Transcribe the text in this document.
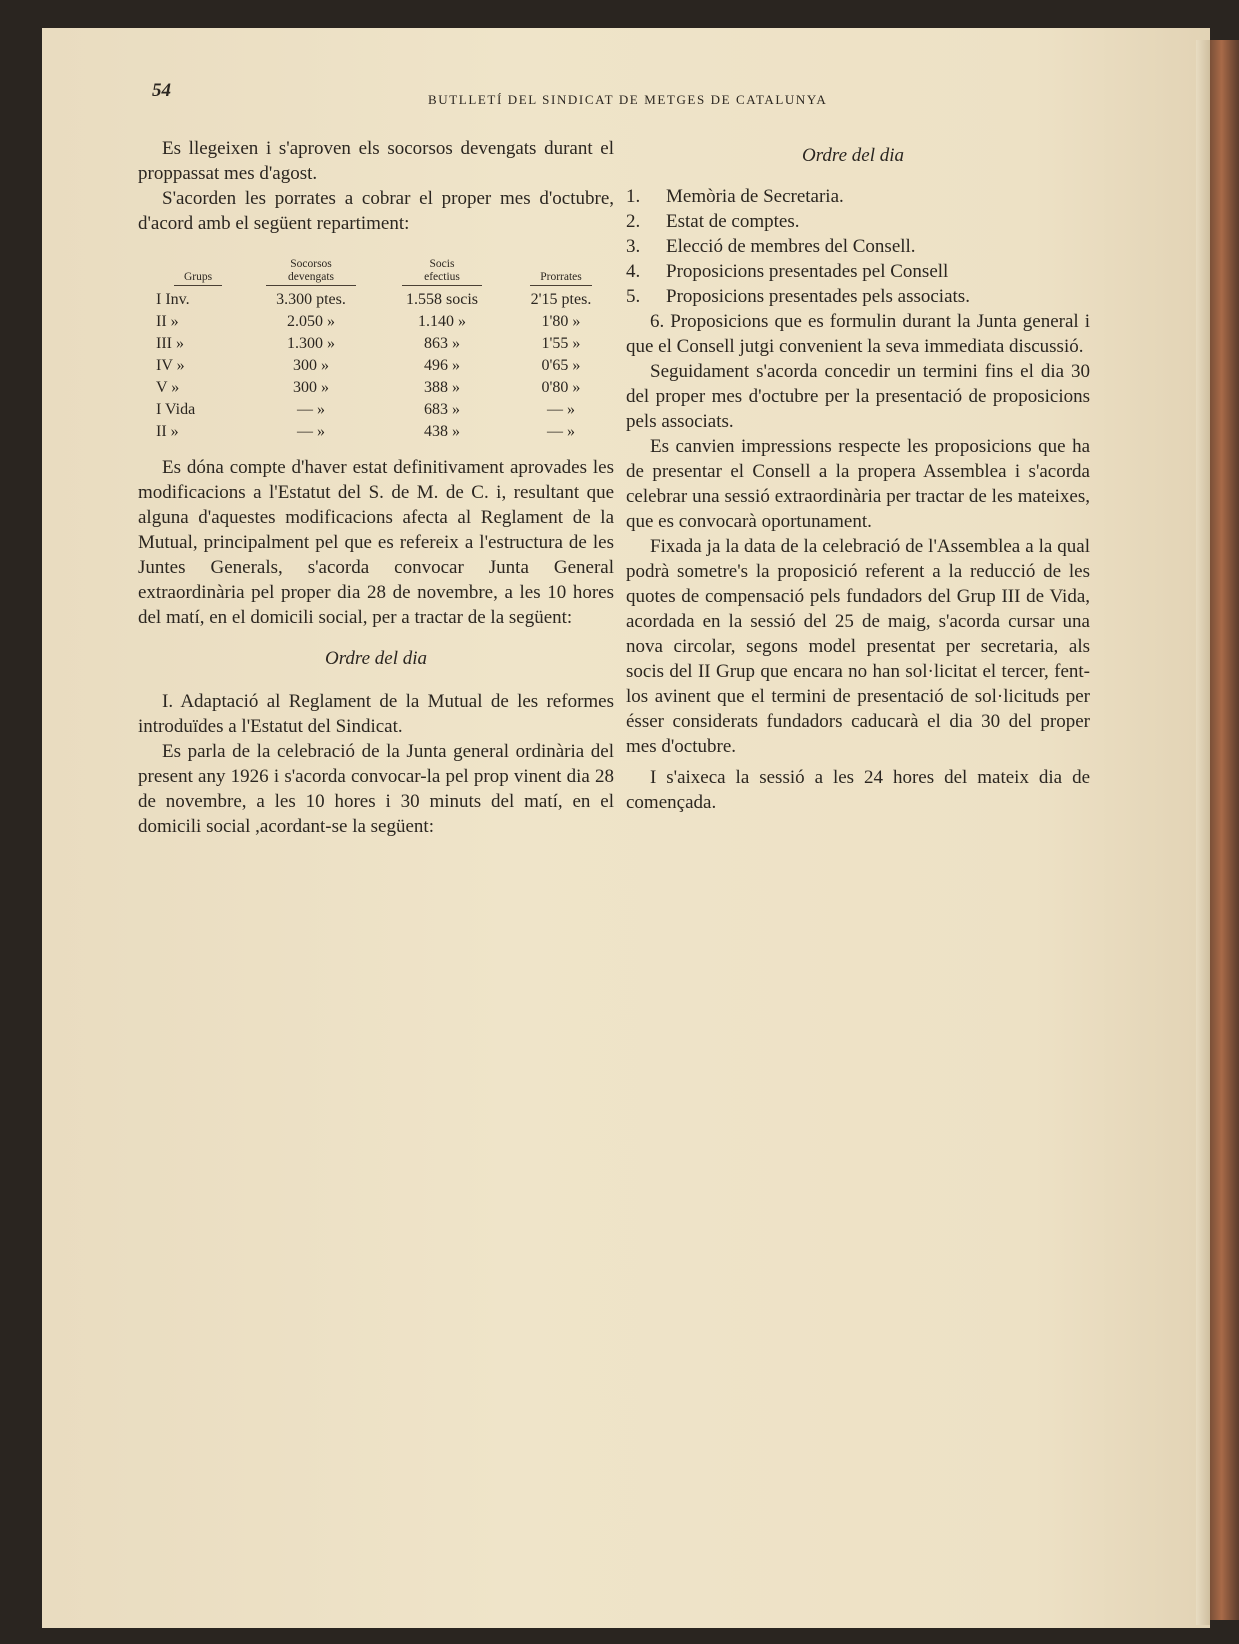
54	BUTLLETÍ DEL SINDICAT DE METGES DE CATALUNYA

Es llegeixen i s'aproven els socorsos devengats durant el proppassat mes d'agost.

S'acorden les porrates a cobrar el proper mes d'octubre, d'acord amb el següent repartiment:

Grups	Socorsos devengats	Socis efectius	Prorrates
I Inv.	3.300 ptes.	1.558 socis	2'15 ptes.
II »	2.050 »	1.140 »	1'80 »
III »	1.300 »	863 »	1'55 »
IV »	300 »	496 »	0'65 »
V »	300 »	388 »	0'80 »
I Vida	— »	683 »	— »
II »	— »	438 »	— »

Es dóna compte d'haver estat definitivament aprovades les modificacions a l'Estatut del S. de M. de C. i, resultant que alguna d'aquestes modificacions afecta al Reglament de la Mutual, principalment pel que es refereix a l'estructura de les Juntes Generals, s'acorda convocar Junta General extraordinària pel proper dia 28 de novembre, a les 10 hores del matí, en el domicili social, per a tractar de la següent:

Ordre del dia

I. Adaptació al Reglament de la Mutual de les reformes introduïdes a l'Estatut del Sindicat.

Es parla de la celebració de la Junta general ordinària del present any 1926 i s'acorda convocar-la pel prop vinent dia 28 de novembre, a les 10 hores i 30 minuts del matí, en el domicili social ,acordant-se la següent:

Ordre del dia
1.	Memòria de Secretaria.
2.	Estat de comptes.
3.	Elecció de membres del Consell.
4.	Proposicions presentades pel Consell
5.	Proposicions presentades pels associats.

6. Proposicions que es formulin durant la Junta general i que el Consell jutgi convenient la seva immediata discussió.

Seguidament s'acorda concedir un termini fins el dia 30 del proper mes d'octubre per la presentació de proposicions pels associats.

Es canvien impressions respecte les proposicions que ha de presentar el Consell a la propera Assemblea i s'acorda celebrar una sessió extraordinària per tractar de les mateixes, que es convocarà oportunament.

Fixada ja la data de la celebració de l'Assemblea a la qual podrà sometre's la proposició referent a la reducció de les quotes de compensació pels fundadors del Grup III de Vida, acordada en la sessió del 25 de maig, s'acorda cursar una nova circolar, segons model presentat per secretaria, als socis del II Grup que encara no han sol·licitat el tercer, fent-los avinent que el termini de presentació de sol·licituds per ésser considerats fundadors caducarà el dia 30 del proper mes d'octubre.

I s'aixeca la sessió a les 24 hores del mateix dia de començada.
